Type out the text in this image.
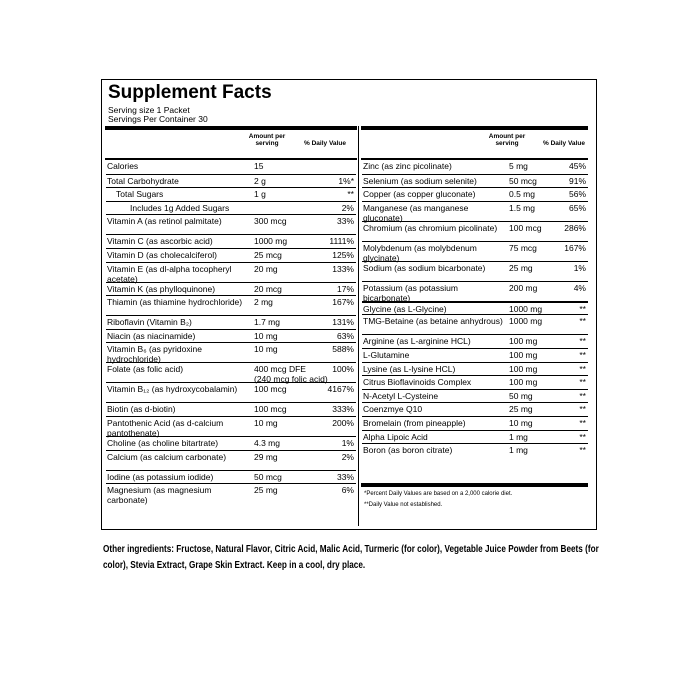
Supplement Facts
Serving size 1 Packet
Servings Per Container 30
Amount per serving	% Daily Value
Amount per serving	% Daily Value
Calories	15
Total Carbohydrate	2 g	1%*
Total Sugars	1 g	**
Includes 1g Added Sugars	2%
Vitamin A (as retinol palmitate)	300 mcg	33%
Vitamin C (as ascorbic acid)	1000 mg	1111%
Vitamin D (as cholecalciferol)	25 mcg	125%
Vitamin E (as dl-alpha tocopheryl acetate)
20 mg	133%
Vitamin K (as phylloquinone)	20 mcg	17%
Thiamin (as thiamine hydrochloride)	2 mg	167%
Riboflavin (Vitamin B₂)	1.7 mg	131%
Niacin (as niacinamide)	10 mg	63%
Vitamin B₆ (as pyridoxine hydrochloride)
10 mg	588%
Folate (as folic acid)	400 mcg DFE
(240 mcg folic acid)
100%
Vitamin B₁₂ (as hydroxycobalamin)	100 mcg	4167%
Biotin (as d-biotin)	100 mcg	333%
Pantothenic Acid (as d-calcium pantothenate)
10 mg	200%
Choline (as choline bitartrate)	4.3 mg	1%
Calcium (as calcium carbonate)	29 mg	2%
Iodine (as potassium iodide)	50 mcg	33%
Magnesium (as magnesium carbonate)
25 mg	6%
Zinc (as zinc picolinate)	5 mg	45%
Selenium (as sodium selenite)	50 mcg	91%
Copper (as copper gluconate)	0.5 mg	56%
Manganese (as manganese gluconate)
1.5 mg	65%
Chromium (as chromium picolinate)	100 mcg	286%
Molybdenum (as molybdenum glycinate)
75 mcg	167%
Sodium (as sodium bicarbonate)	25 mg	1%
Potassium (as potassium bicarbonate)
200 mg	4%
Glycine (as L-Glycine)	1000 mg	**
TMG-Betaine (as betaine anhydrous) 1000 mg	**
Arginine (as L-arginine HCL)	100 mg	**
L-Glutamine	100 mg	**
Lysine (as L-lysine HCL)	100 mg	**
Citrus Bioflavinoids Complex	100 mg	**
N-Acetyl L-Cysteine	50 mg	**
Coenzmye Q10	25 mg	**
Bromelain (from pineapple)	10 mg	**
Alpha Lipoic Acid	1 mg	**
Boron (as boron citrate)	1 mg	**
*Percent Daily Values are based on a 2,000 calorie diet.
**Daily Value not established.
Other ingredients: Fructose, Natural Flavor, Citric Acid, Malic Acid, Turmeric (for color), Vegetable Juice Powder from Beets (for color), Stevia Extract, Grape Skin Extract. Keep in a cool, dry place.
